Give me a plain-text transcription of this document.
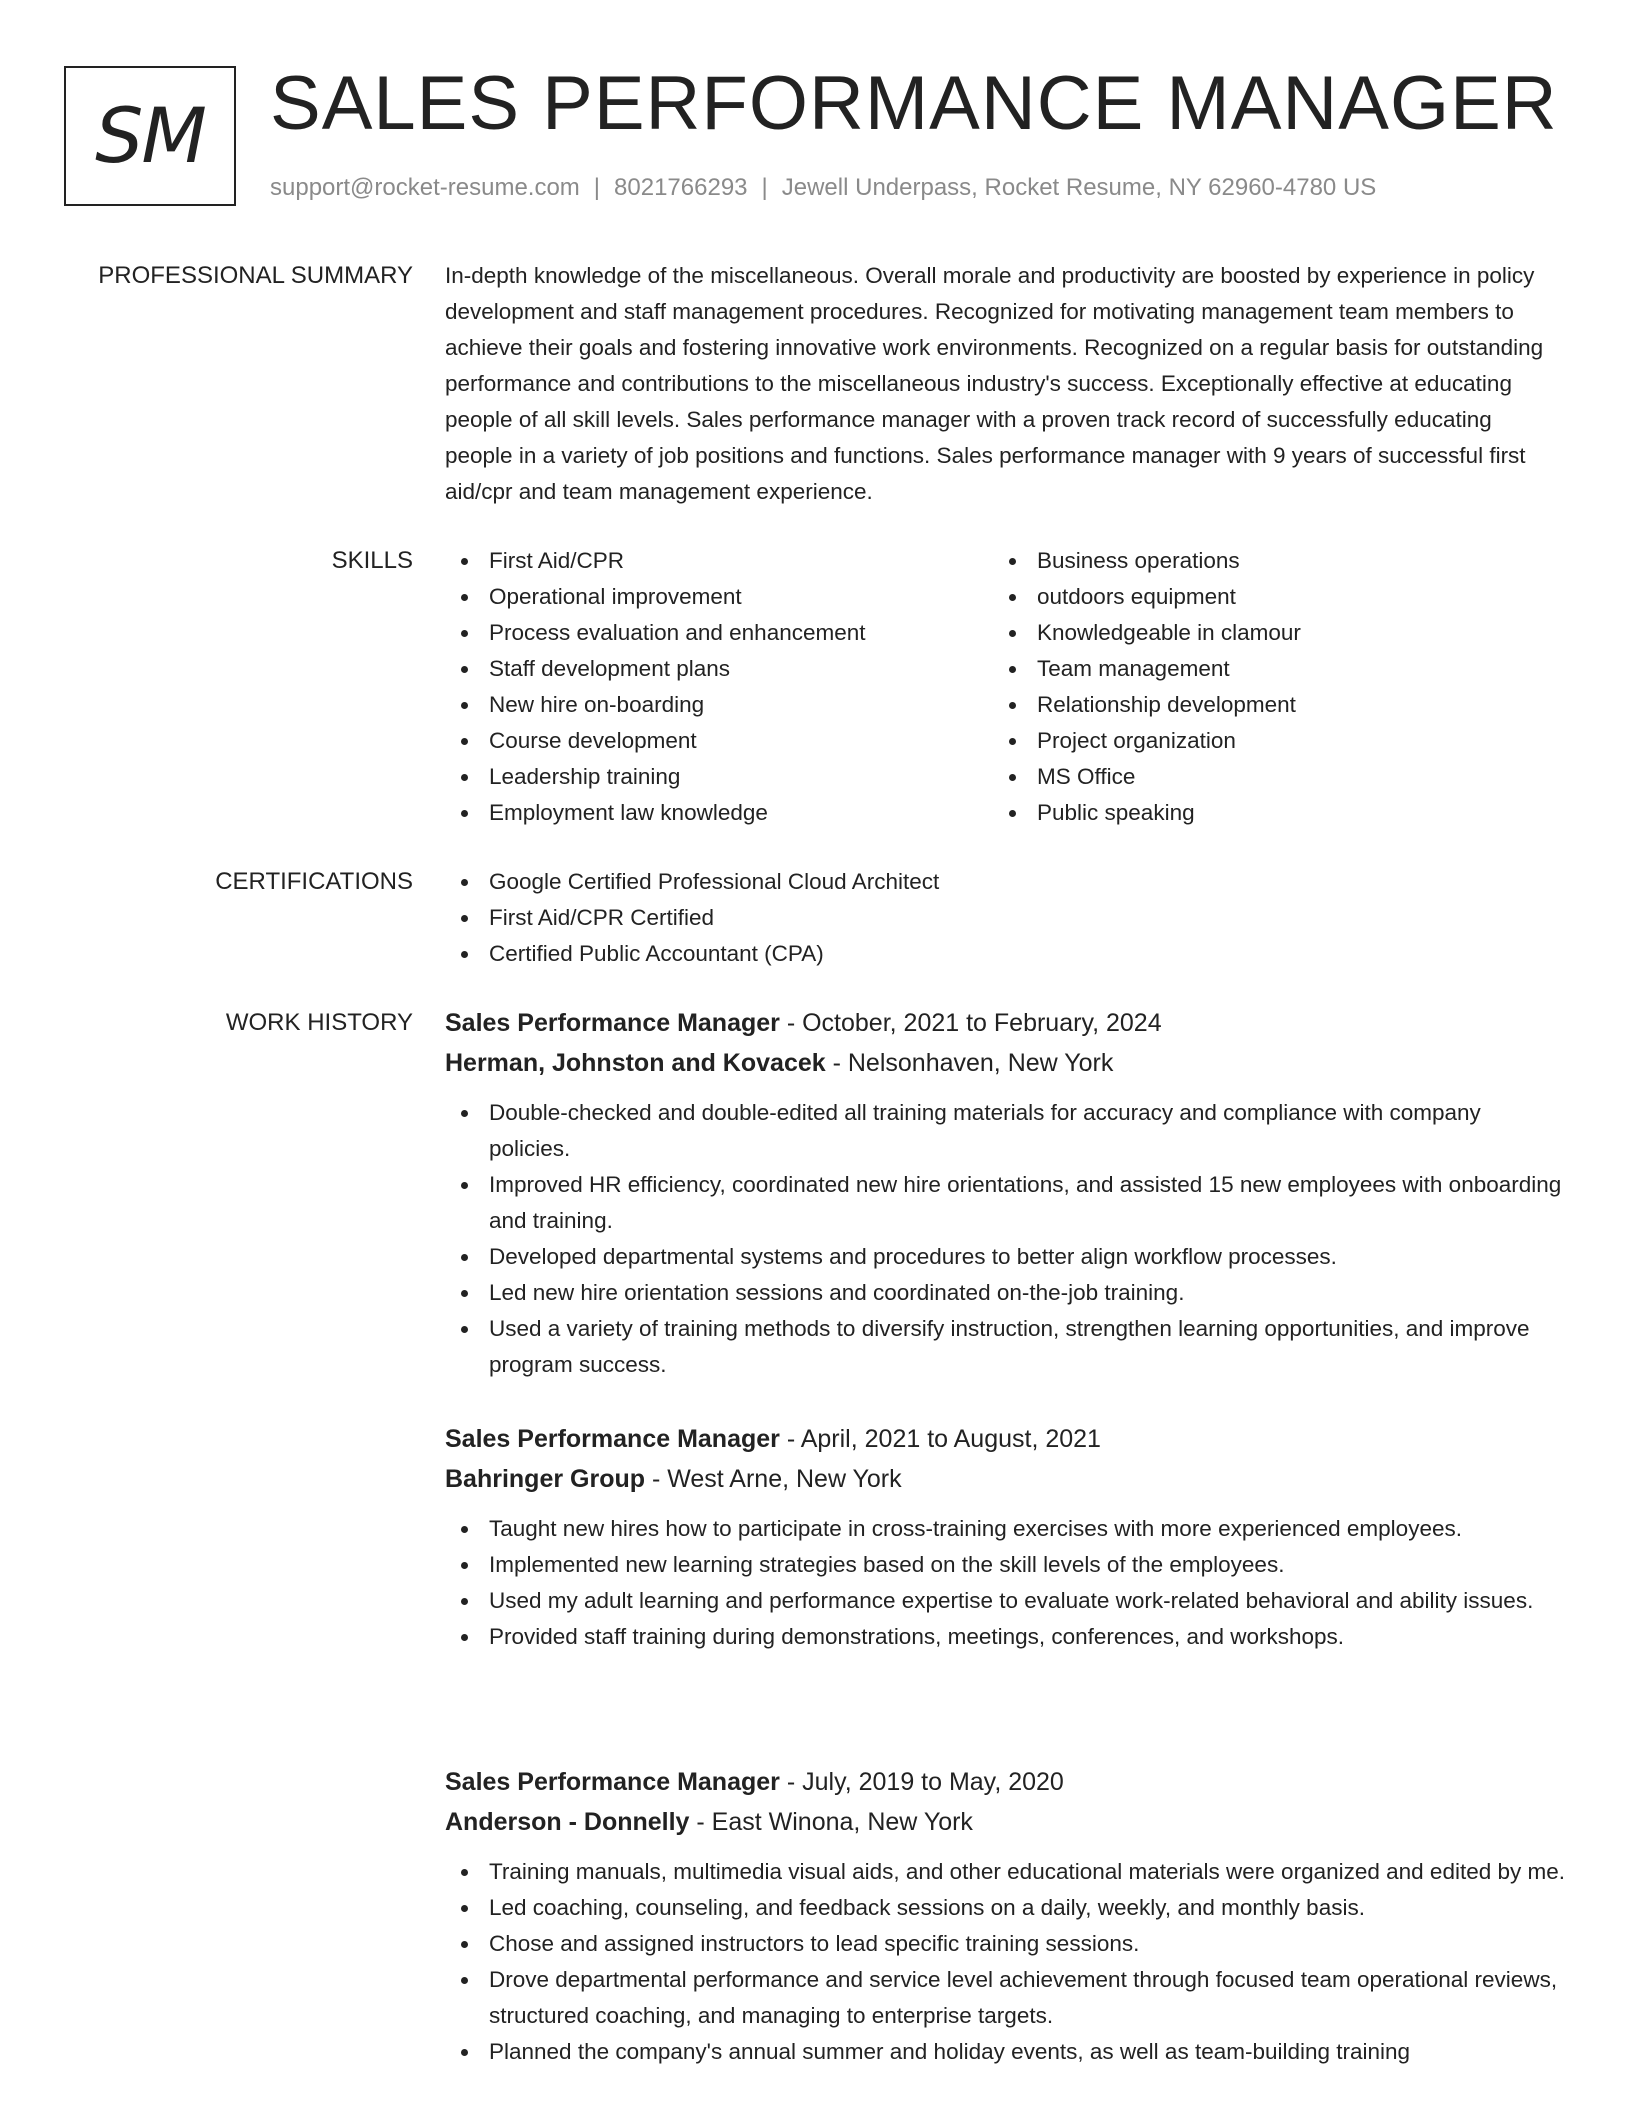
SM SALES PERFORMANCE MANAGER
support@rocket-resume.com | 8021766293 | Jewell Underpass, Rocket Resume, NY 62960-4780 US
PROFESSIONAL SUMMARY In-depth knowledge of the miscellaneous. Overall morale and productivity are boosted by experience in policy development and staff management procedures. Recognized for motivating management team members to achieve their goals and fostering innovative work environments. Recognized on a regular basis for outstanding performance and contributions to the miscellaneous industry's success. Exceptionally effective at educating people of all skill levels. Sales performance manager with a proven track record of successfully educating people in a variety of job positions and functions. Sales performance manager with 9 years of successful first aid/cpr and team management experience.

SKILLS	First Aid/CPR
Operational improvement
Process evaluation and enhancement
Staff development plans
New hire on-boarding
Course development
Leadership training
Employment law knowledge
Business operations
outdoors equipment
Knowledgeable in clamour
Team management
Relationship development
Project organization
MS Office
Public speaking
CERTIFICATIONS	Google Certified Professional Cloud Architect
First Aid/CPR Certified
Certified Public Accountant (CPA)
WORK HISTORY Sales Performance Manager - October, 2021 to February, 2024
Herman, Johnston and Kovacek - Nelsonhaven, New York
Double-checked and double-edited all training materials for accuracy and compliance with company policies.
Improved HR efficiency, coordinated new hire orientations, and assisted 15 new employees with onboarding and training.
Developed departmental systems and procedures to better align workflow processes.
Led new hire orientation sessions and coordinated on-the-job training.
Used a variety of training methods to diversify instruction, strengthen learning opportunities, and improve program success.
Sales Performance Manager - April, 2021 to August, 2021
Bahringer Group - West Arne, New York
Taught new hires how to participate in cross-training exercises with more experienced employees.
Implemented new learning strategies based on the skill levels of the employees.
Used my adult learning and performance expertise to evaluate work-related behavioral and ability issues.
Provided staff training during demonstrations, meetings, conferences, and workshops.
Sales Performance Manager - July, 2019 to May, 2020
Anderson - Donnelly - East Winona, New York
Training manuals, multimedia visual aids, and other educational materials were organized and edited by me.
Led coaching, counseling, and feedback sessions on a daily, weekly, and monthly basis.
Chose and assigned instructors to lead specific training sessions.
Drove departmental performance and service level achievement through focused team operational reviews, structured coaching, and managing to enterprise targets.
Planned the company's annual summer and holiday events, as well as team-building training
